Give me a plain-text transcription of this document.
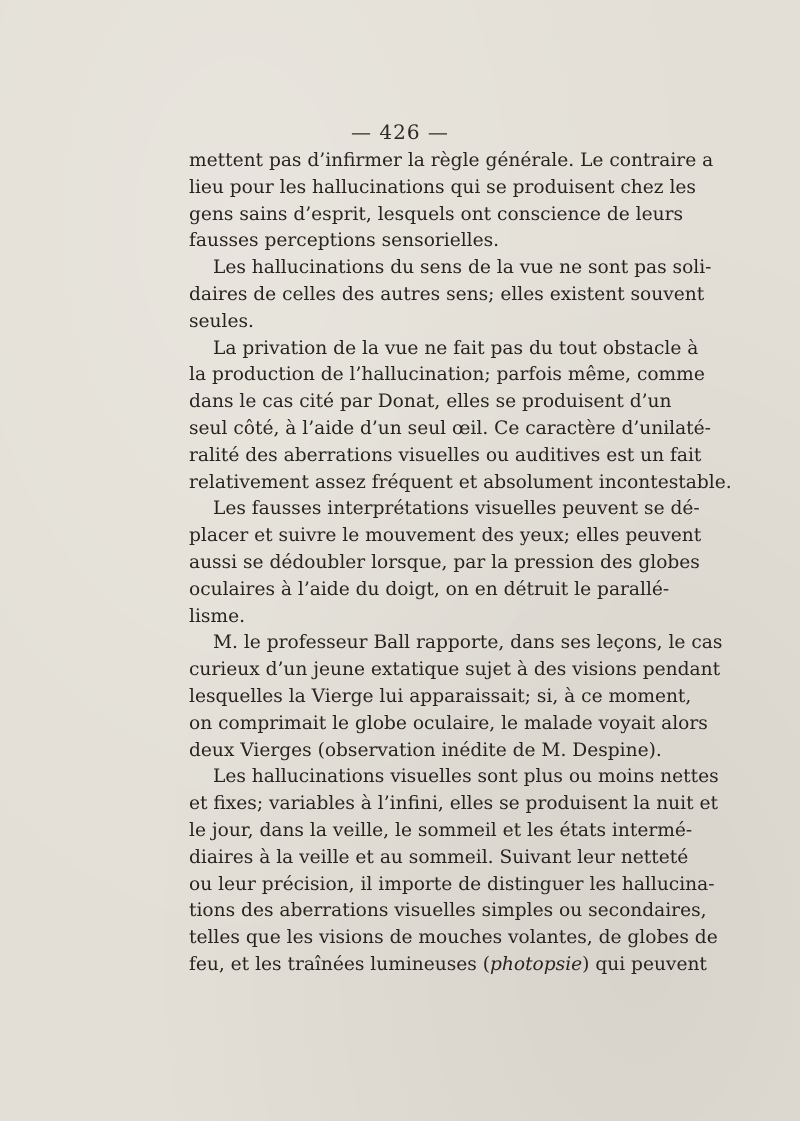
— 426 —

mettent pas d’infirmer la règle générale. Le contraire a
lieu pour les hallucinations qui se produisent chez les
gens sains d’esprit, lesquels ont conscience de leurs
fausses perceptions sensorielles.

Les hallucinations du sens de la vue ne sont pas soli-
daires de celles des autres sens; elles existent souvent
seules.

La privation de la vue ne fait pas du tout obstacle à
la production de l’hallucination; parfois même, comme
dans le cas cité par Donat, elles se produisent d’un
seul côté, à l’aide d’un seul œil. Ce caractère d’unilaté-
ralité des aberrations visuelles ou auditives est un fait
relativement assez fréquent et absolument incontestable.

Les fausses interprétations visuelles peuvent se dé-
placer et suivre le mouvement des yeux; elles peuvent
aussi se dédoubler lorsque, par la pression des globes
oculaires à l’aide du doigt, on en détruit le parallé-
lisme.

M. le professeur Ball rapporte, dans ses leçons, le cas
curieux d’un jeune extatique sujet à des visions pendant
lesquelles la Vierge lui apparaissait; si, à ce moment,
on comprimait le globe oculaire, le malade voyait alors
deux Vierges (observation inédite de M. Despine).

Les hallucinations visuelles sont plus ou moins nettes
et fixes; variables à l’infini, elles se produisent la nuit et
le jour, dans la veille, le sommeil et les états intermé-
diaires à la veille et au sommeil. Suivant leur netteté
ou leur précision, il importe de distinguer les hallucina-
tions des aberrations visuelles simples ou secondaires,
telles que les visions de mouches volantes, de globes de
feu, et les traînées lumineuses (photopsie) qui peuvent
